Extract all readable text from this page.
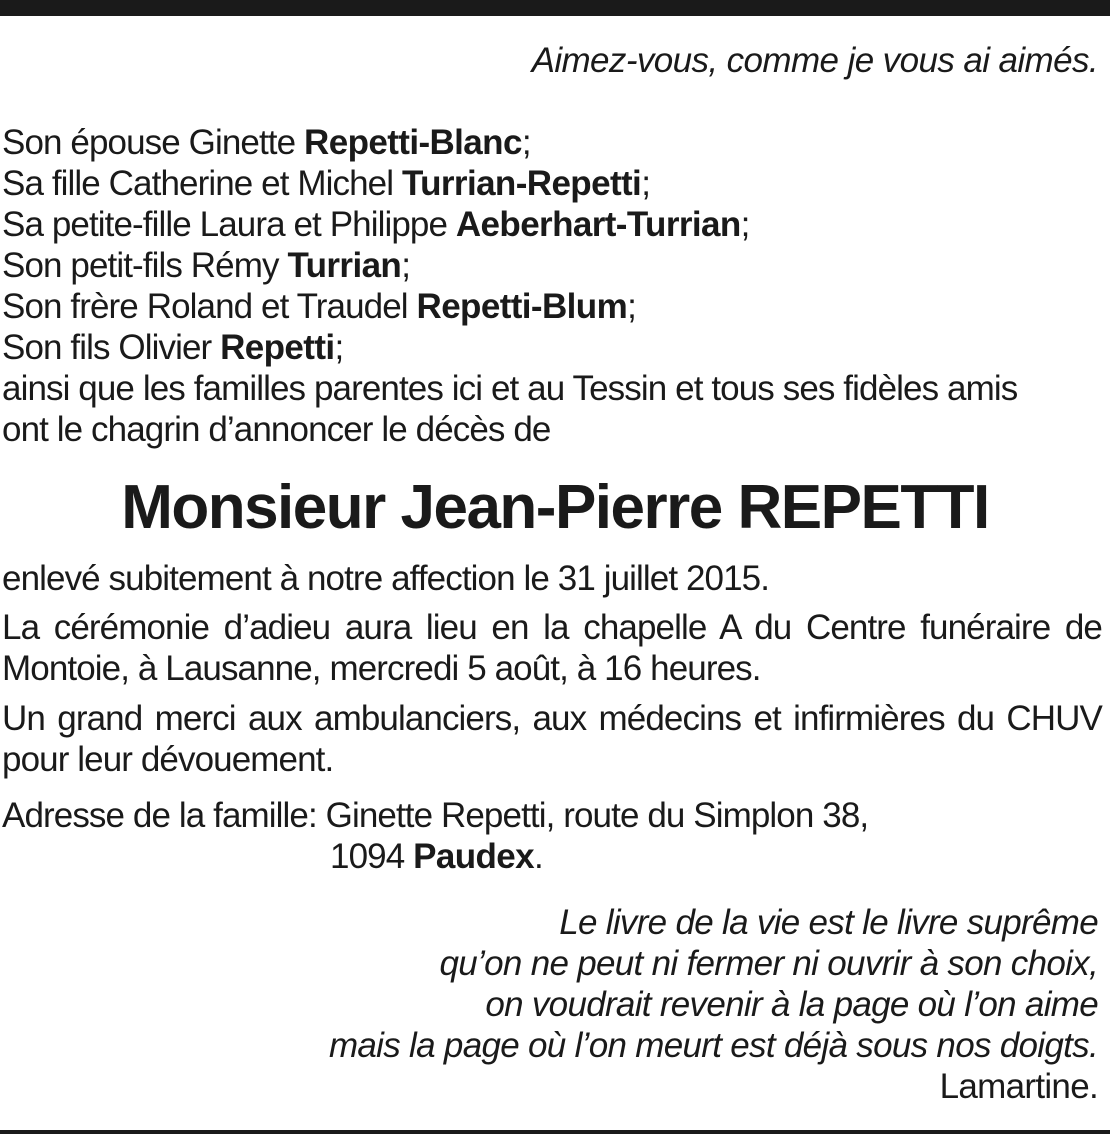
Aimez-vous, comme je vous ai aimés.
Son épouse Ginette Repetti-Blanc;
Sa fille Catherine et Michel Turrian-Repetti;
Sa petite-fille Laura et Philippe Aeberhart-Turrian;
Son petit-fils Rémy Turrian;
Son frère Roland et Traudel Repetti-Blum;
Son fils Olivier Repetti;
ainsi que les familles parentes ici et au Tessin et tous ses fidèles amis
ont le chagrin d’annoncer le décès de
Monsieur Jean-Pierre REPETTI
enlevé subitement à notre affection le 31 juillet 2015.
La cérémonie d’adieu aura lieu en la chapelle A du Centre funéraire de Montoie, à Lausanne, mercredi 5 août, à 16 heures.
Un grand merci aux ambulanciers, aux médecins et infirmières du CHUV pour leur dévouement.
Adresse de la famille: Ginette Repetti, route du Simplon 38,
1094 Paudex.
Le livre de la vie est le livre suprême
qu’on ne peut ni fermer ni ouvrir à son choix,
on voudrait revenir à la page où l’on aime
mais la page où l’on meurt est déjà sous nos doigts.
Lamartine.
